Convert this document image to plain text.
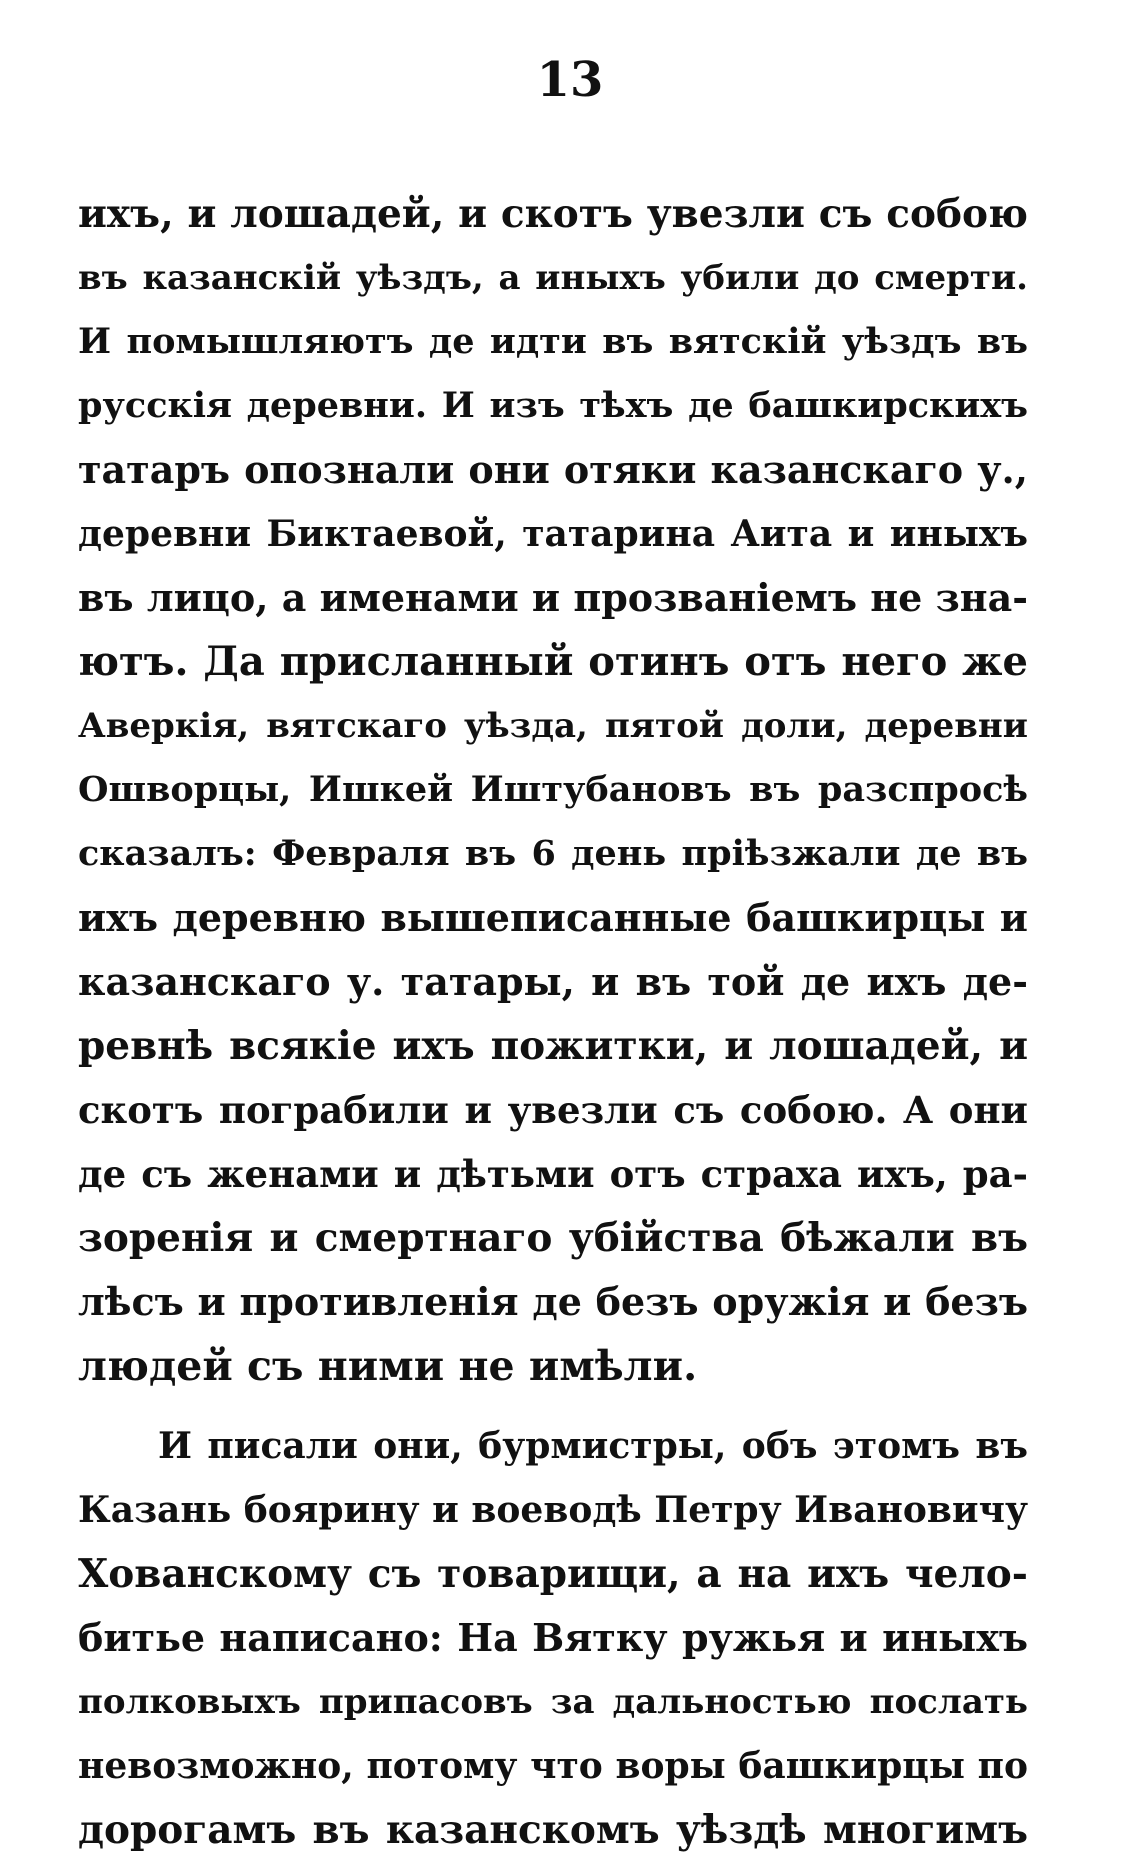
13
ихъ, и лошадей, и скотъ увезли съ собою
въ казанскій уѣздъ, а иныхъ убили до смерти.
И помышляютъ де идти въ вятскій уѣздъ въ
русскія деревни. И изъ тѣхъ де башкирскихъ
татаръ опознали они отяки казанскаго у.,
деревни Биктаевой, татарина Аита и иныхъ
въ лицо, а именами и прозваніемъ не зна-
ютъ. Да присланный отинъ отъ него же
Аверкія, вятскаго уѣзда, пятой доли, деревни
Ошворцы, Ишкей Иштубановъ въ разспросѣ
сказалъ: Февраля въ 6 день пріѣзжали де въ
ихъ деревню вышеписанные башкирцы и
казанскаго у. татары, и въ той де ихъ де-
ревнѣ всякіе ихъ пожитки, и лошадей, и
скотъ пограбили и увезли съ собою. А они
де съ женами и дѣтьми отъ страха ихъ, ра-
зоренія и смертнаго убійства бѣжали въ
лѣсъ и противленія де безъ оружія и безъ
людей съ ними не имѣли.
И писали они, бурмистры, объ этомъ въ
Казань боярину и воеводѣ Петру Ивановичу
Хованскому съ товарищи, а на ихъ чело-
битье написано: На Вятку ружья и иныхъ
полковыхъ припасовъ за дальностью послать
невозможно, потому что воры башкирцы по
дорогамъ въ казанскомъ уѣздѣ многимъ
